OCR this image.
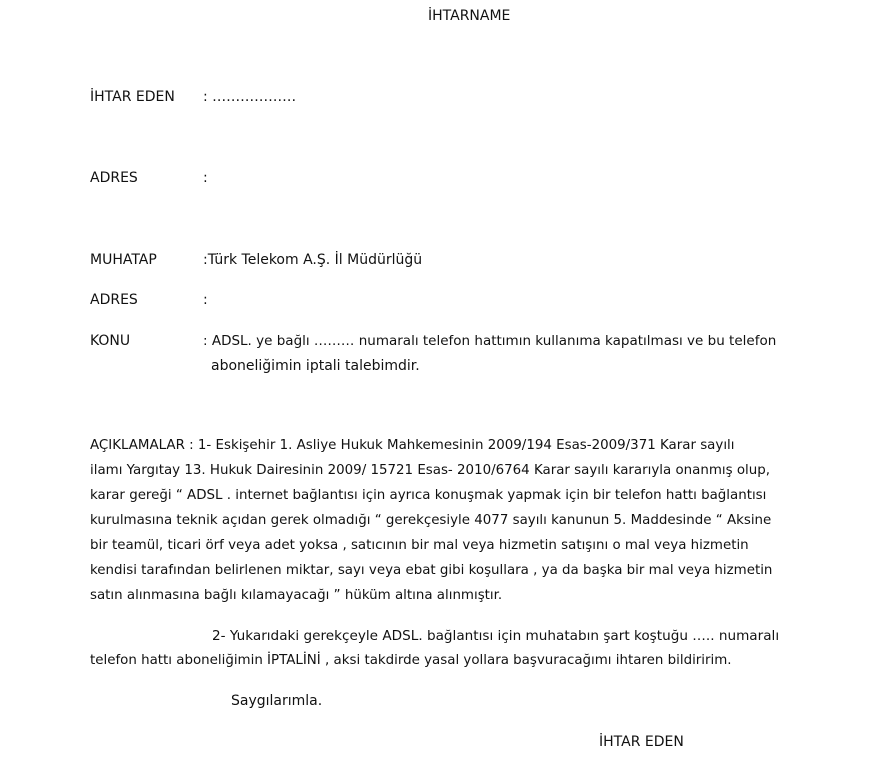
İHTARNAME
İHTAR EDEN : ………………
ADRES	:
MUHATAP	:Türk Telekom A.Ş. İl Müdürlüğü
ADRES	:
KONU	: ADSL. ye bağlı ……… numaralı telefon hattımın kullanıma kapatılması ve bu telefon
aboneliğimin iptali talebimdir.
AÇIKLAMALAR : 1- Eskişehir 1. Asliye Hukuk Mahkemesinin 2009/194 Esas-2009/371 Karar sayılı
ilamı Yargıtay 13. Hukuk Dairesinin 2009/ 15721 Esas- 2010/6764 Karar sayılı kararıyla onanmış olup,
karar gereği “ ADSL . internet bağlantısı için ayrıca konuşmak yapmak için bir telefon hattı bağlantısı
kurulmasına teknik açıdan gerek olmadığı “ gerekçesiyle 4077 sayılı kanunun 5. Maddesinde “ Aksine
bir teamül, ticari örf veya adet yoksa , satıcının bir mal veya hizmetin satışını o mal veya hizmetin
kendisi tarafından belirlenen miktar, sayı veya ebat gibi koşullara , ya da başka bir mal veya hizmetin
satın alınmasına bağlı kılamayacağı ” hüküm altına alınmıştır.
2- Yukarıdaki gerekçeyle ADSL. bağlantısı için muhatabın şart koştuğu ….. numaralı
telefon hattı aboneliğimin İPTALİNİ , aksi takdirde yasal yollara başvuracağımı ihtaren bildiririm.
Saygılarımla.
İHTAR EDEN
